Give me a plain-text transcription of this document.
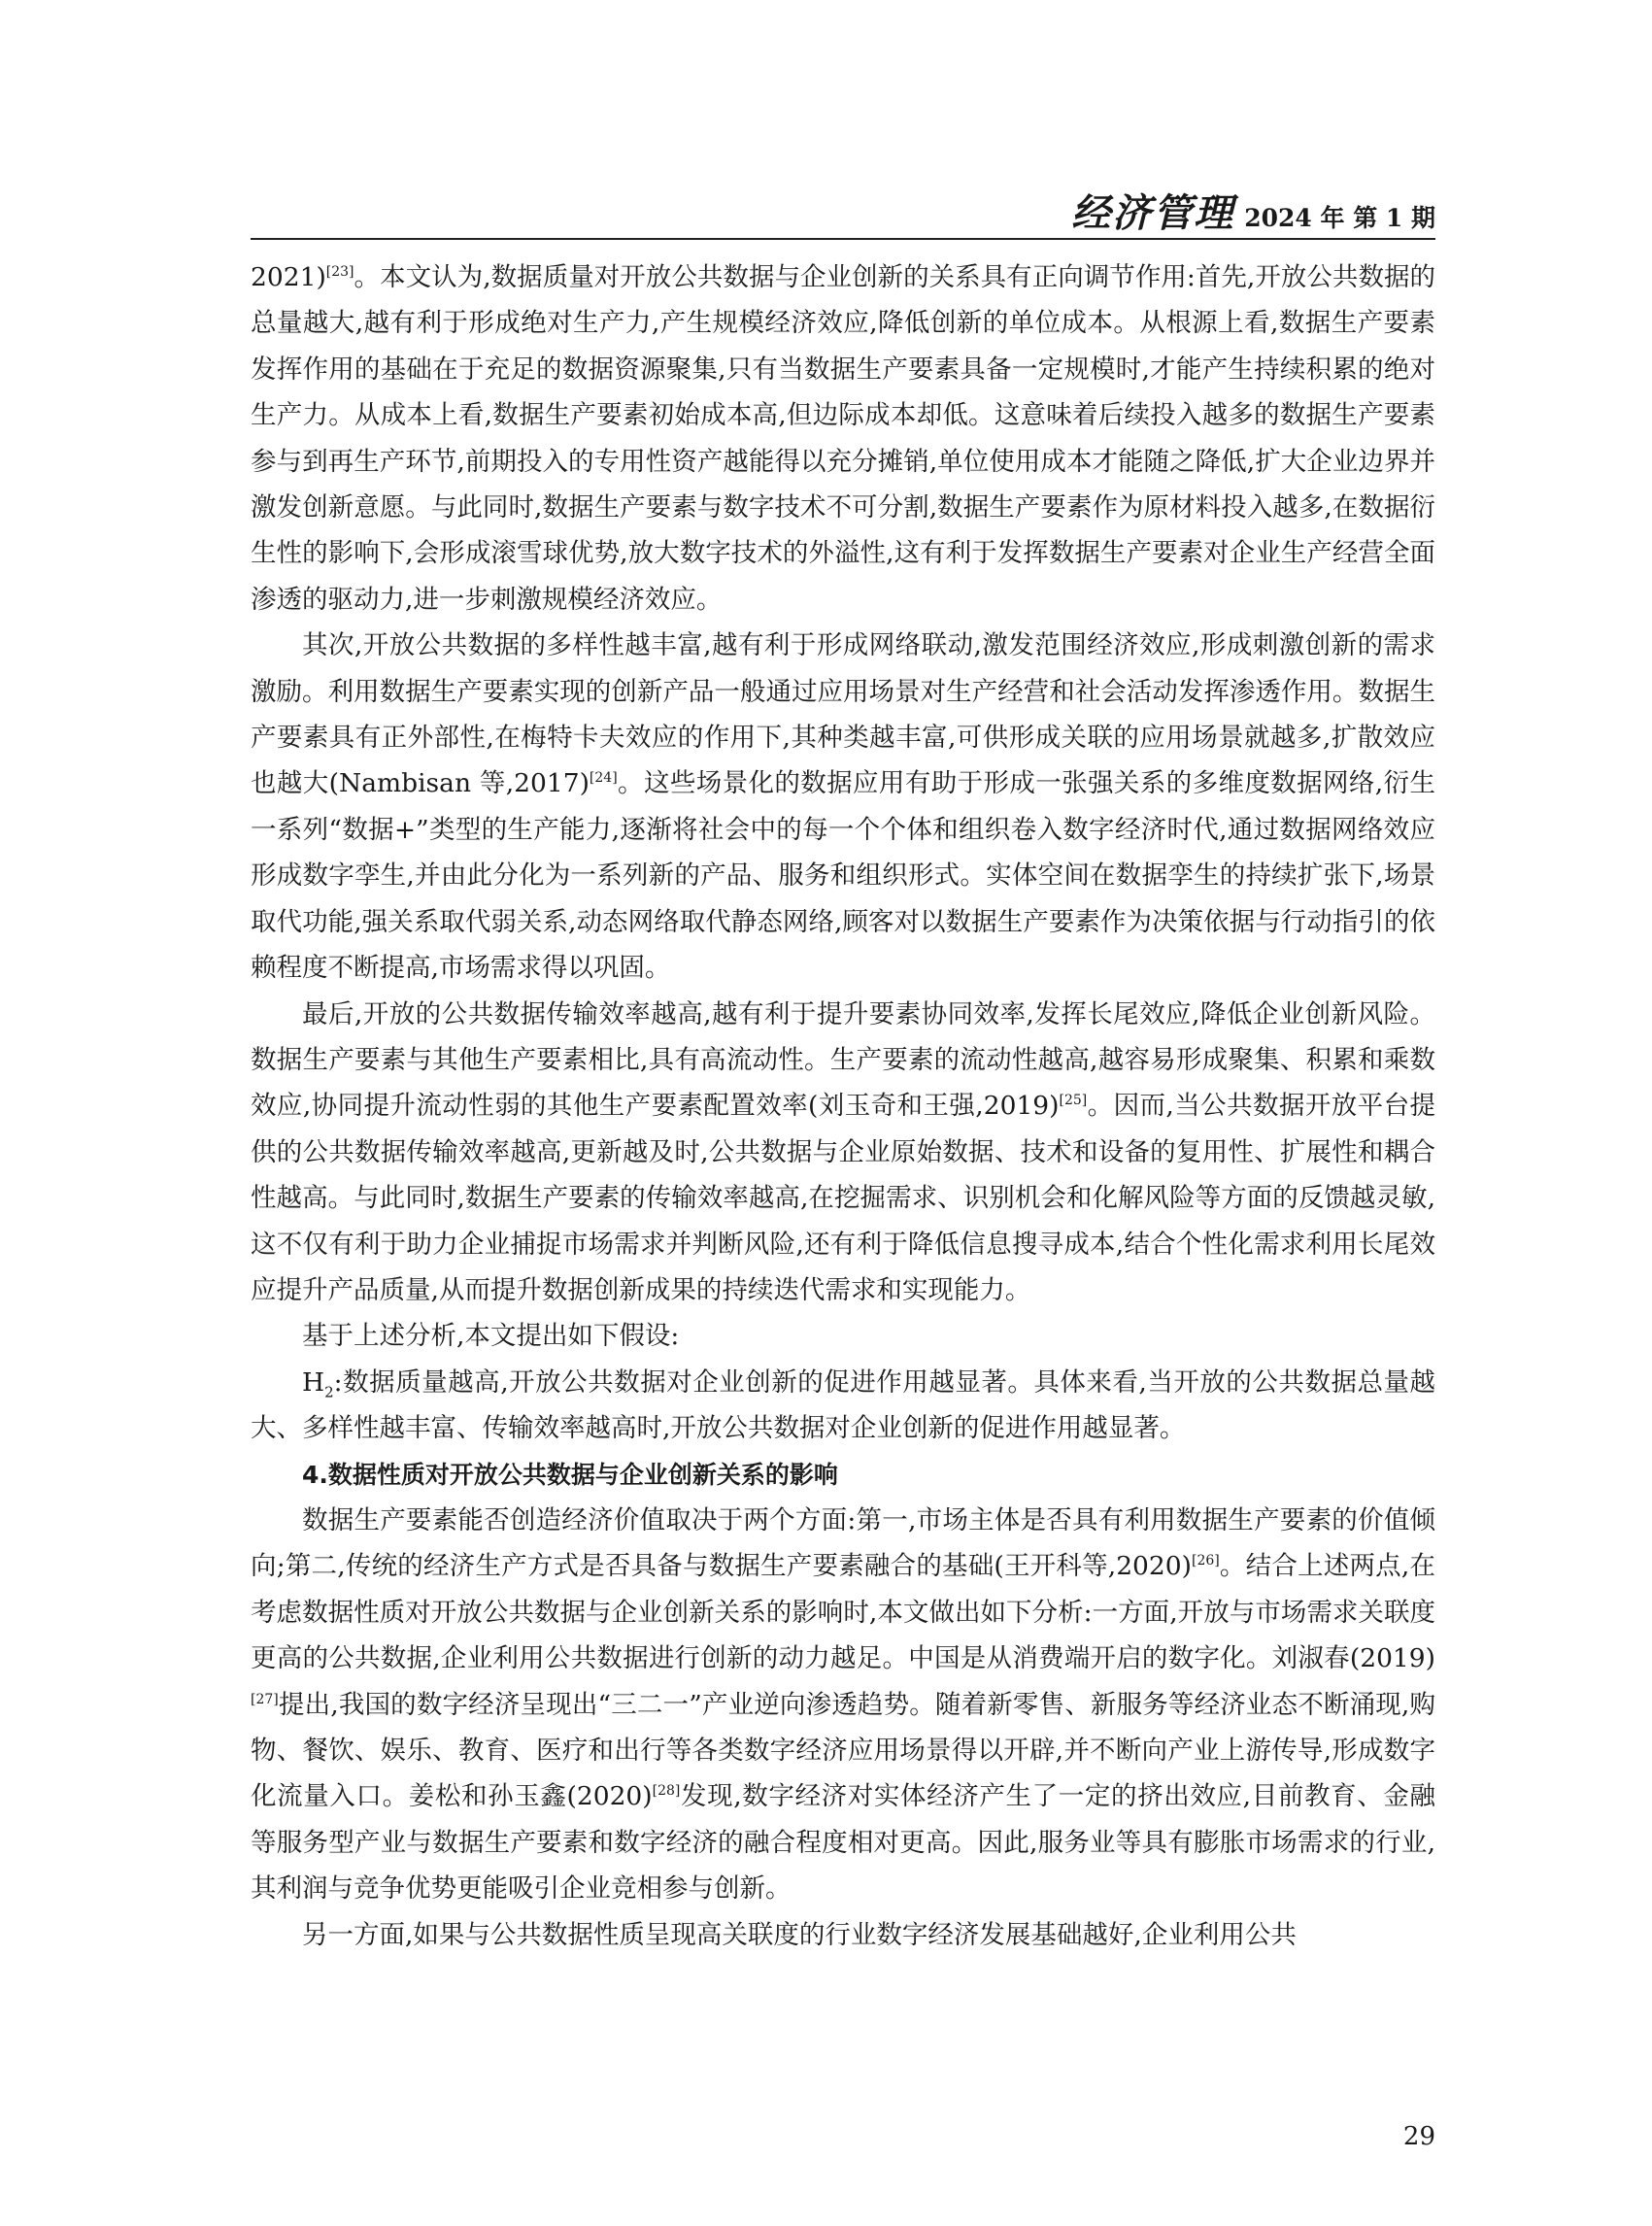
经济管理 2024 年 第 1 期

2021)[23]。本文认为,数据质量对开放公共数据与企业创新的关系具有正向调节作用:首先,开放公共数据的总量越大,越有利于形成绝对生产力,产生规模经济效应,降低创新的单位成本。从根源上看,数据生产要素发挥作用的基础在于充足的数据资源聚集,只有当数据生产要素具备一定规模时,才能产生持续积累的绝对生产力。从成本上看,数据生产要素初始成本高,但边际成本却低。这意味着后续投入越多的数据生产要素参与到再生产环节,前期投入的专用性资产越能得以充分摊销,单位使用成本才能随之降低,扩大企业边界并激发创新意愿。与此同时,数据生产要素与数字技术不可分割,数据生产要素作为原材料投入越多,在数据衍生性的影响下,会形成滚雪球优势,放大数字技术的外溢性,这有利于发挥数据生产要素对企业生产经营全面渗透的驱动力,进一步刺激规模经济效应。

其次,开放公共数据的多样性越丰富,越有利于形成网络联动,激发范围经济效应,形成刺激创新的需求激励。利用数据生产要素实现的创新产品一般通过应用场景对生产经营和社会活动发挥渗透作用。数据生产要素具有正外部性,在梅特卡夫效应的作用下,其种类越丰富,可供形成关联的应用场景就越多,扩散效应也越大(Nambisan 等,2017)[24]。这些场景化的数据应用有助于形成一张强关系的多维度数据网络,衍生一系列“数据+”类型的生产能力,逐渐将社会中的每一个个体和组织卷入数字经济时代,通过数据网络效应形成数字孪生,并由此分化为一系列新的产品、服务和组织形式。实体空间在数据孪生的持续扩张下,场景取代功能,强关系取代弱关系,动态网络取代静态网络,顾客对以数据生产要素作为决策依据与行动指引的依赖程度不断提高,市场需求得以巩固。

最后,开放的公共数据传输效率越高,越有利于提升要素协同效率,发挥长尾效应,降低企业创新风险。数据生产要素与其他生产要素相比,具有高流动性。生产要素的流动性越高,越容易形成聚集、积累和乘数效应,协同提升流动性弱的其他生产要素配置效率(刘玉奇和王强,2019)[25]。因而,当公共数据开放平台提供的公共数据传输效率越高,更新越及时,公共数据与企业原始数据、技术和设备的复用性、扩展性和耦合性越高。与此同时,数据生产要素的传输效率越高,在挖掘需求、识别机会和化解风险等方面的反馈越灵敏,这不仅有利于助力企业捕捉市场需求并判断风险,还有利于降低信息搜寻成本,结合个性化需求利用长尾效应提升产品质量,从而提升数据创新成果的持续迭代需求和实现能力。

基于上述分析,本文提出如下假设:

$H_2$:数据质量越高,开放公共数据对企业创新的促进作用越显著。具体来看,当开放的公共数据总量越大、多样性越丰富、传输效率越高时,开放公共数据对企业创新的促进作用越显著。

4.数据性质对开放公共数据与企业创新关系的影响

数据生产要素能否创造经济价值取决于两个方面:第一,市场主体是否具有利用数据生产要素的价值倾向;第二,传统的经济生产方式是否具备与数据生产要素融合的基础(王开科等,2020)[26]。结合上述两点,在考虑数据性质对开放公共数据与企业创新关系的影响时,本文做出如下分析:一方面,开放与市场需求关联度更高的公共数据,企业利用公共数据进行创新的动力越足。中国是从消费端开启的数字化。刘淑春(2019)[27]提出,我国的数字经济呈现出“三二一”产业逆向渗透趋势。随着新零售、新服务等经济业态不断涌现,购物、餐饮、娱乐、教育、医疗和出行等各类数字经济应用场景得以开辟,并不断向产业上游传导,形成数字化流量入口。姜松和孙玉鑫(2020)[28]发现,数字经济对实体经济产生了一定的挤出效应,目前教育、金融等服务型产业与数据生产要素和数字经济的融合程度相对更高。因此,服务业等具有膨胀市场需求的行业,其利润与竞争优势更能吸引企业竞相参与创新。

另一方面,如果与公共数据性质呈现高关联度的行业数字经济发展基础越好,企业利用公共

29
